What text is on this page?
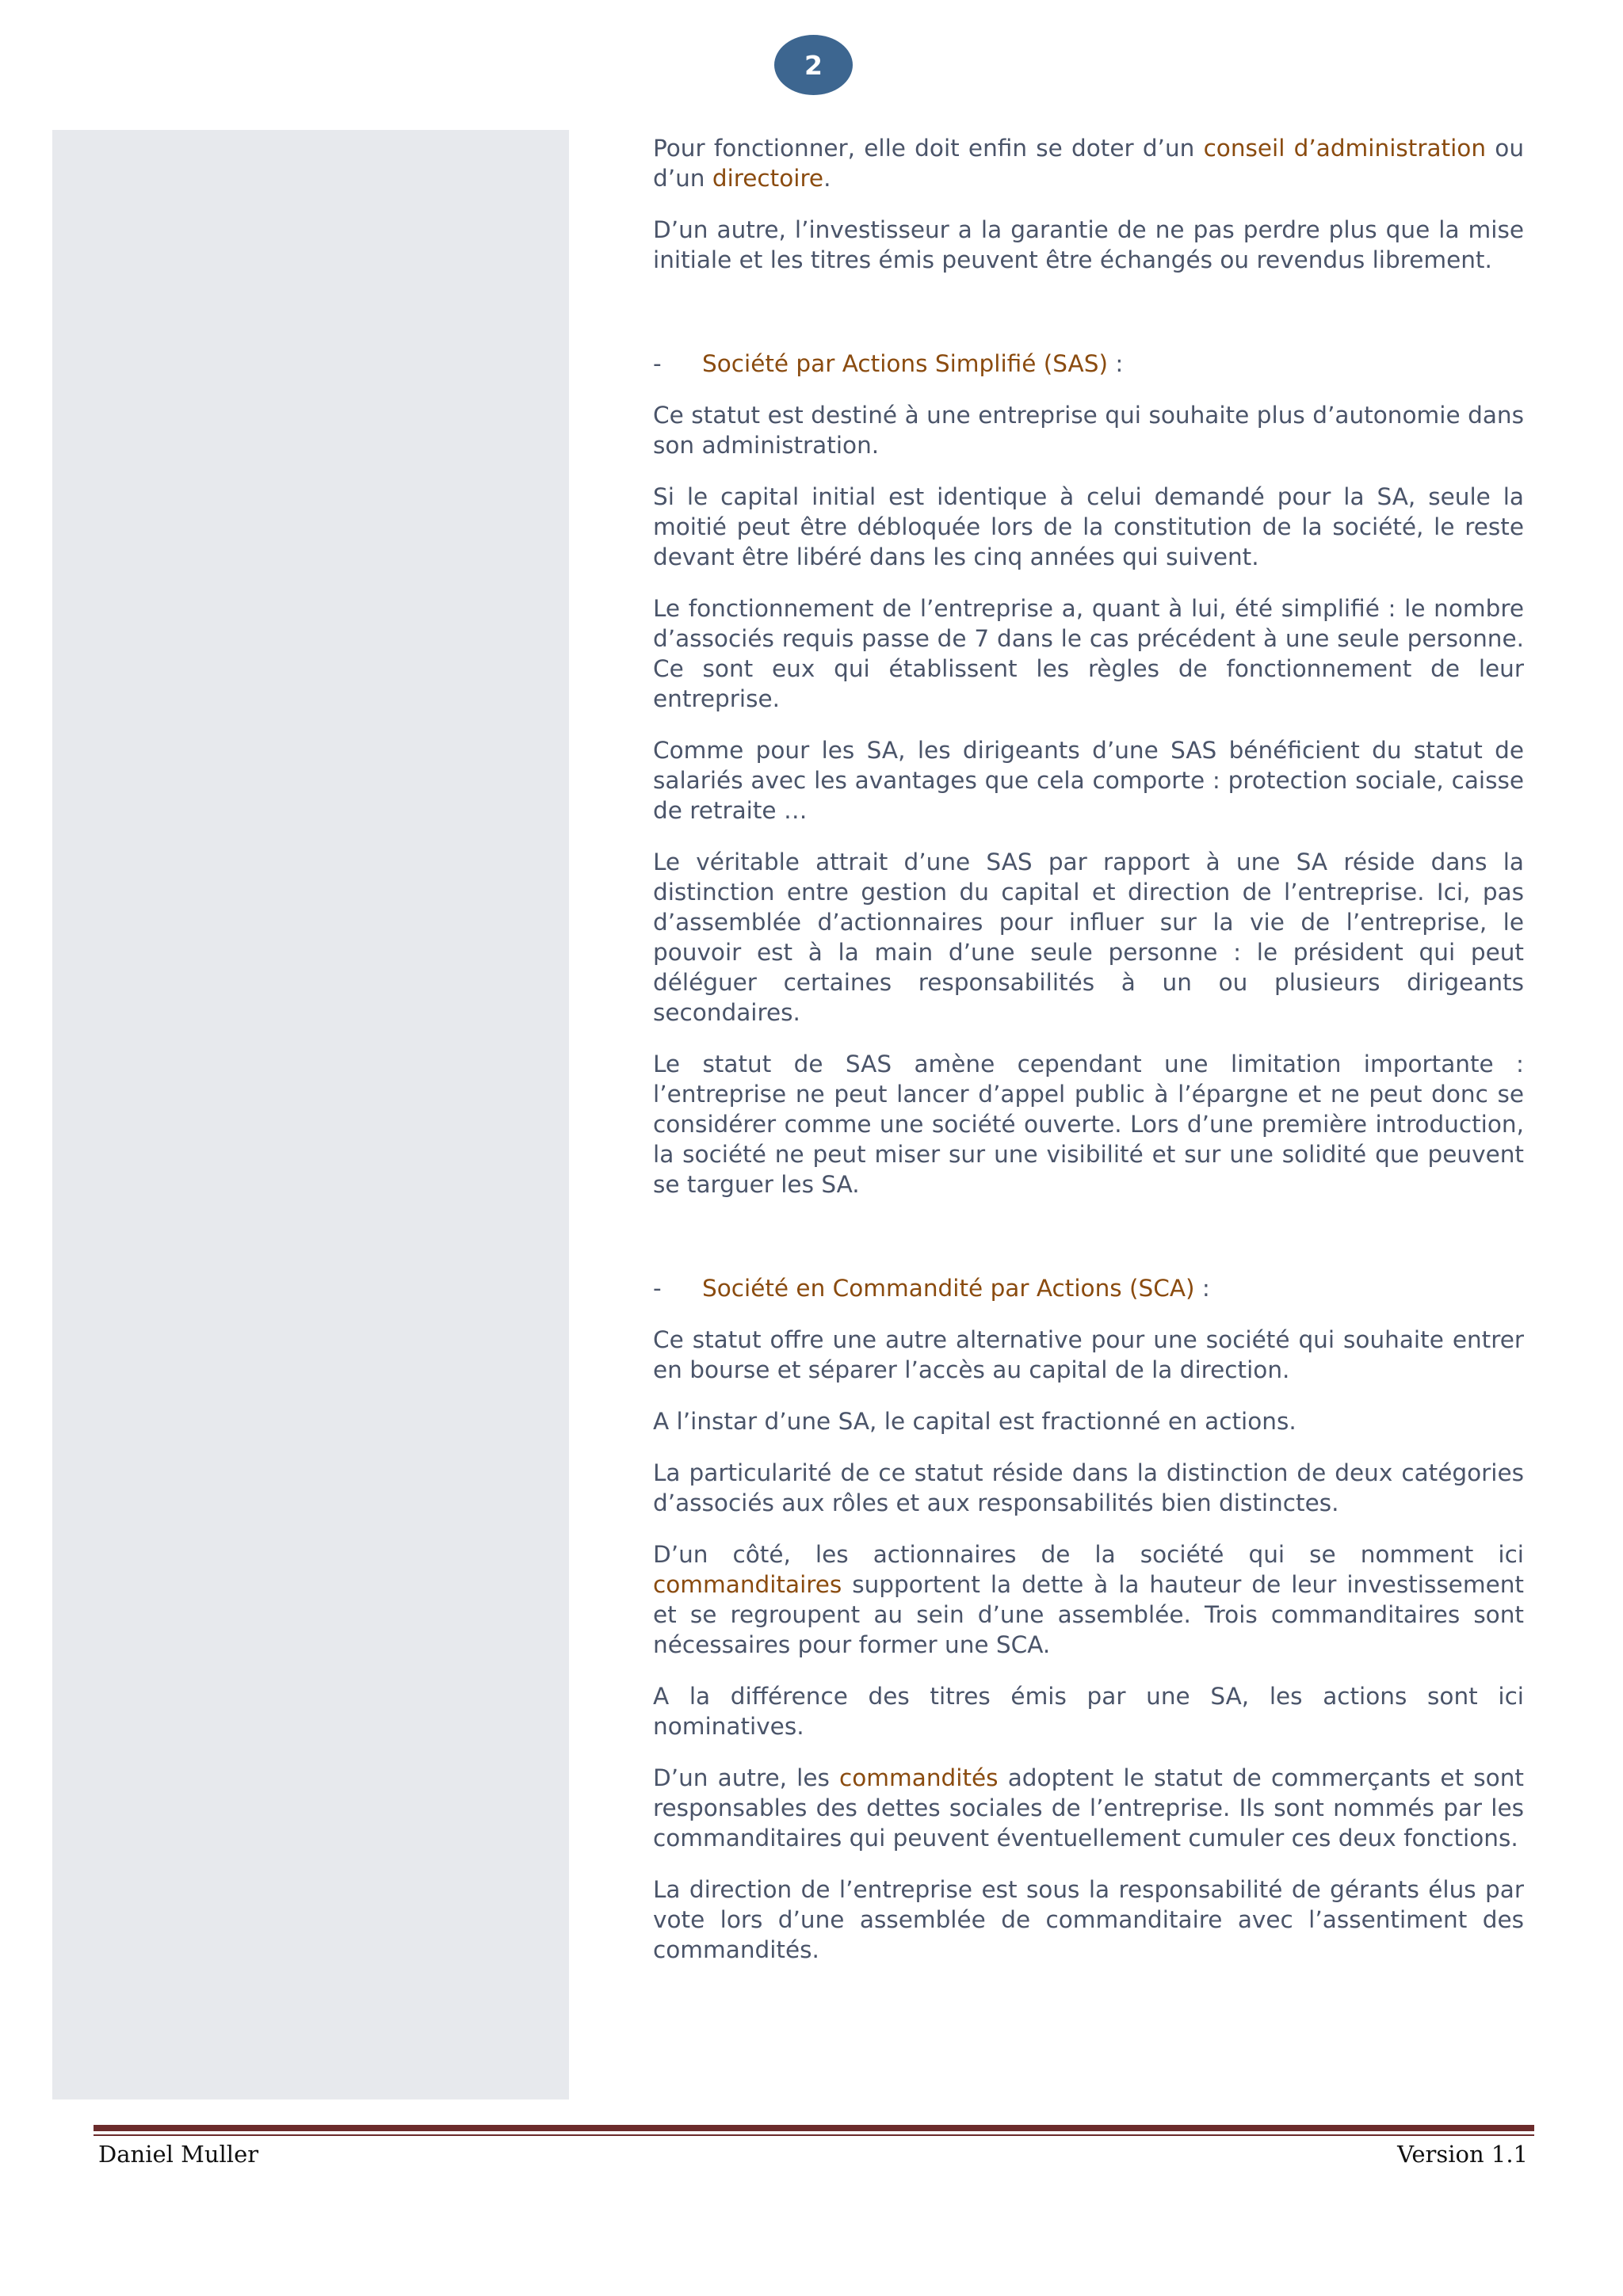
2

Pour fonctionner, elle doit enfin se doter d’un conseil d’administration ou d’un directoire.

D’un autre, l’investisseur a la garantie de ne pas perdre plus que la mise initiale et les titres émis peuvent être échangés ou revendus librement.

- Société par Actions Simplifié (SAS) :

Ce statut est destiné à une entreprise qui souhaite plus d’autonomie dans son administration.

Si le capital initial est identique à celui demandé pour la SA, seule la moitié peut être débloquée lors de la constitution de la société, le reste devant être libéré dans les cinq années qui suivent.

Le fonctionnement de l’entreprise a, quant à lui, été simplifié : le nombre d’associés requis passe de 7 dans le cas précédent à une seule personne. Ce sont eux qui établissent les règles de fonctionnement de leur entreprise.

Comme pour les SA, les dirigeants d’une SAS bénéficient du statut de salariés avec les avantages que cela comporte : protection sociale, caisse de retraite …

Le véritable attrait d’une SAS par rapport à une SA réside dans la distinction entre gestion du capital et direction de l’entreprise. Ici, pas d’assemblée d’actionnaires pour influer sur la vie de l’entreprise, le pouvoir est à la main d’une seule personne : le président qui peut déléguer certaines responsabilités à un ou plusieurs dirigeants secondaires.

Le statut de SAS amène cependant une limitation importante : l’entreprise ne peut lancer d’appel public à l’épargne et ne peut donc se considérer comme une société ouverte. Lors d’une première introduction, la société ne peut miser sur une visibilité et sur une solidité que peuvent se targuer les SA.

- Société en Commandité par Actions (SCA) :

Ce statut offre une autre alternative pour une société qui souhaite entrer en bourse et séparer l’accès au capital de la direction.

A l’instar d’une SA, le capital est fractionné en actions.

La particularité de ce statut réside dans la distinction de deux catégories d’associés aux rôles et aux responsabilités bien distinctes.

D’un côté, les actionnaires de la société qui se nomment ici commanditaires supportent la dette à la hauteur de leur investissement et se regroupent au sein d’une assemblée. Trois commanditaires sont nécessaires pour former une SCA.

A la différence des titres émis par une SA, les actions sont ici nominatives.

D’un autre, les commandités adoptent le statut de commerçants et sont responsables des dettes sociales de l’entreprise. Ils sont nommés par les commanditaires qui peuvent éventuellement cumuler ces deux fonctions.

La direction de l’entreprise est sous la responsabilité de gérants élus par vote lors d’une assemblée de commanditaire avec l’assentiment des commandités.

Daniel Muller	Version 1.1
